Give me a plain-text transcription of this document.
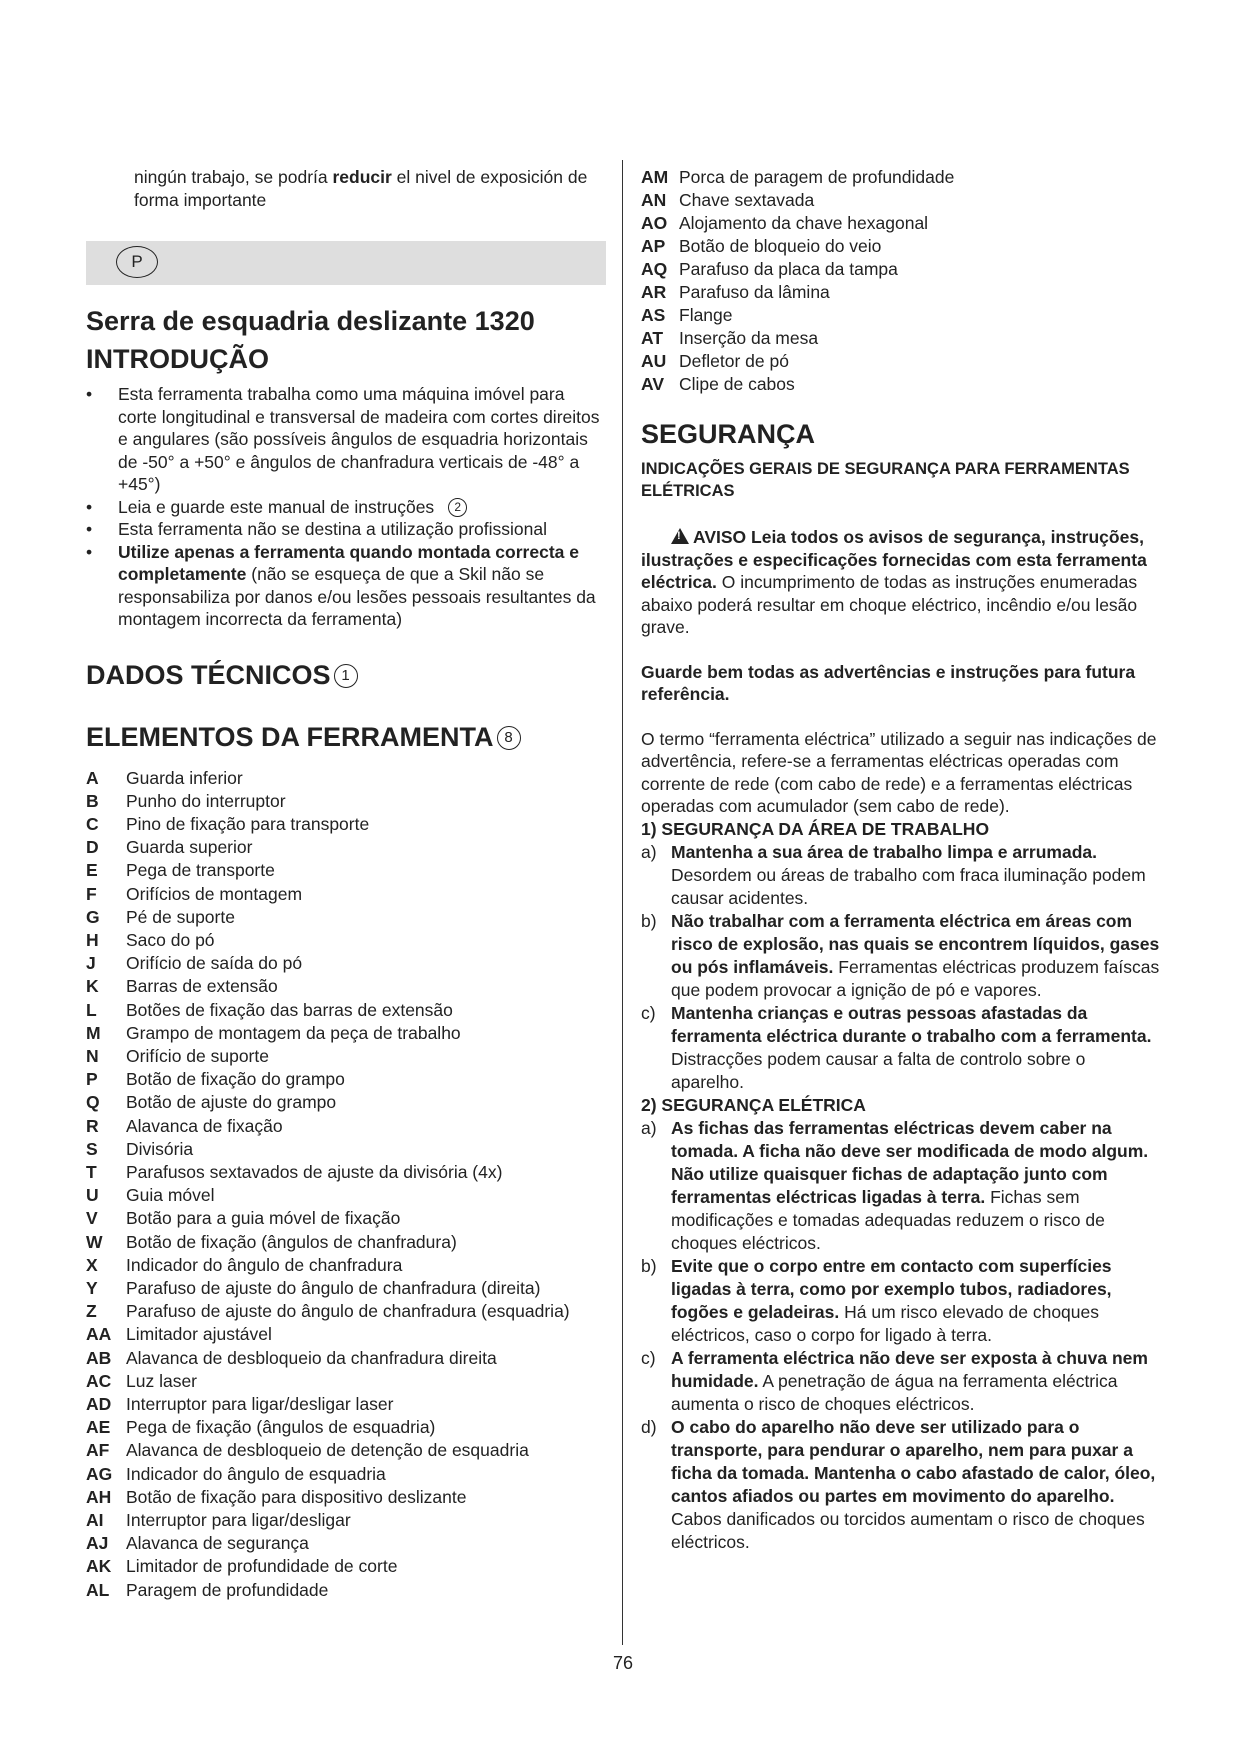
ningún trabajo, se podría reducir el nivel de exposición de forma importante

P
Serra de esquadria deslizante 1320
INTRODUÇÃO
• Esta ferramenta trabalha como uma máquina imóvel para corte longitudinal e transversal de madeira com cortes direitos e angulares (são possíveis ângulos de esquadria horizontais de -50° a +50° e ângulos de chanfradura verticais de -48° a +45°)
• Leia e guarde este manual de instruções 2
• Esta ferramenta não se destina a utilização profissional
• Utilize apenas a ferramenta quando montada correcta e completamente (não se esqueça de que a Skil não se responsabiliza por danos e/ou lesões pessoais resultantes da montagem incorrecta da ferramenta)
DADOS TÉCNICOS 1
ELEMENTOS DA FERRAMENTA 8
A	Guarda inferior
B	Punho do interruptor
C	Pino de fixação para transporte
D	Guarda superior
E	Pega de transporte
F	Orifícios de montagem
G	Pé de suporte
H	Saco do pó
J	Orifício de saída do pó
K	Barras de extensão
L	Botões de fixação das barras de extensão
M	Grampo de montagem da peça de trabalho
N	Orifício de suporte
P	Botão de fixação do grampo
Q	Botão de ajuste do grampo
R	Alavanca de fixação
S	Divisória
T	Parafusos sextavados de ajuste da divisória (4x)
U	Guia móvel
V	Botão para a guia móvel de fixação
W	Botão de fixação (ângulos de chanfradura)
X	Indicador do ângulo de chanfradura
Y	Parafuso de ajuste do ângulo de chanfradura (direita)
Z	Parafuso de ajuste do ângulo de chanfradura (esquadria)
AA Limitador ajustável
AB Alavanca de desbloqueio da chanfradura direita
AC Luz laser
AD Interruptor para ligar/desligar laser
AE Pega de fixação (ângulos de esquadria)
AF Alavanca de desbloqueio de detenção de esquadria
AG Indicador do ângulo de esquadria
AH Botão de fixação para dispositivo deslizante
AI	Interruptor para ligar/desligar
AJ	Alavanca de segurança
AK Limitador de profundidade de corte
AL Paragem de profundidade
AM Porca de paragem de profundidade
AN Chave sextavada
AO Alojamento da chave hexagonal
AP Botão de bloqueio do veio
AQ Parafuso da placa da tampa
AR Parafuso da lâmina
AS Flange
AT Inserção da mesa
AU Defletor de pó
AV Clipe de cabos
SEGURANÇA

INDICAÇÕES GERAIS DE SEGURANÇA PARA FERRAMENTAS ELÉTRICAS

!AVISO Leia todos os avisos de segurança, instruções, ilustrações e especificações fornecidas com esta ferramenta eléctrica. O incumprimento de todas as instruções enumeradas abaixo poderá resultar em choque eléctrico, incêndio e/ou lesão grave.

Guarde bem todas as advertências e instruções para futura referência.

O termo “ferramenta eléctrica” utilizado a seguir nas indicações de advertência, refere-se a ferramentas eléctricas operadas com corrente de rede (com cabo de rede) e a ferramentas eléctricas operadas com acumulador (sem cabo de rede).

1) SEGURANÇA DA ÁREA DE TRABALHO

a) Mantenha a sua área de trabalho limpa e arrumada. Desordem ou áreas de trabalho com fraca iluminação podem causar acidentes.

b) Não trabalhar com a ferramenta eléctrica em áreas com risco de explosão, nas quais se encontrem líquidos, gases ou pós inflamáveis. Ferramentas eléctricas produzem faíscas que podem provocar a ignição de pó e vapores.

c) Mantenha crianças e outras pessoas afastadas da ferramenta eléctrica durante o trabalho com a ferramenta. Distracções podem causar a falta de controlo sobre o aparelho.

2) SEGURANÇA ELÉTRICA

a) As fichas das ferramentas eléctricas devem caber na tomada. A ficha não deve ser modificada de modo algum. Não utilize quaisquer fichas de adaptação junto com ferramentas eléctricas ligadas à terra. Fichas sem modificações e tomadas adequadas reduzem o risco de choques eléctricos.

b) Evite que o corpo entre em contacto com superfícies ligadas à terra, como por exemplo tubos, radiadores, fogões e geladeiras. Há um risco elevado de choques eléctricos, caso o corpo for ligado à terra.

c) A ferramenta eléctrica não deve ser exposta à chuva nem humidade. A penetração de água na ferramenta eléctrica aumenta o risco de choques eléctricos.

d) O cabo do aparelho não deve ser utilizado para o transporte, para pendurar o aparelho, nem para puxar a ficha da tomada. Mantenha o cabo afastado de calor, óleo, cantos afiados ou partes em movimento do aparelho. Cabos danificados ou torcidos aumentam o risco de choques eléctricos.

76
